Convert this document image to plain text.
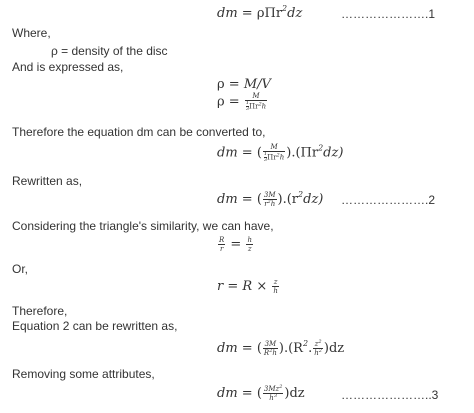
dm = ρΠr$^2$dz	………………….1
Where,
ρ = density of the disc
And is expressed as,
ρ = M/V
$\rho = \frac{M}{\frac{1}{3} \Pi r^2h}$
Therefore the equation dm can be converted to,
dm = ( $\frac{M}{\frac{1}{3} \Pi r^2h} ).(\Pi r^2dz)$
Rewritten as,
dm = ( $\frac{3M}{r^2h} ).(r^2dz)$ ………………….2
Considering the triangle's similarity, we can have,
$\frac{R}{r} = \frac{h}{z}$
Or,
$r = R \times \frac{z}{h}$
Therefore,
Equation 2 can be rewritten as,
dm = ( $\frac{3M}{R^2h} ).(R^2$. $\frac{z^2}{h^2} )dz$
Removing some attributes,
dm = ( $\frac{3Mz^2}{h^3} )dz$	…………………..3
